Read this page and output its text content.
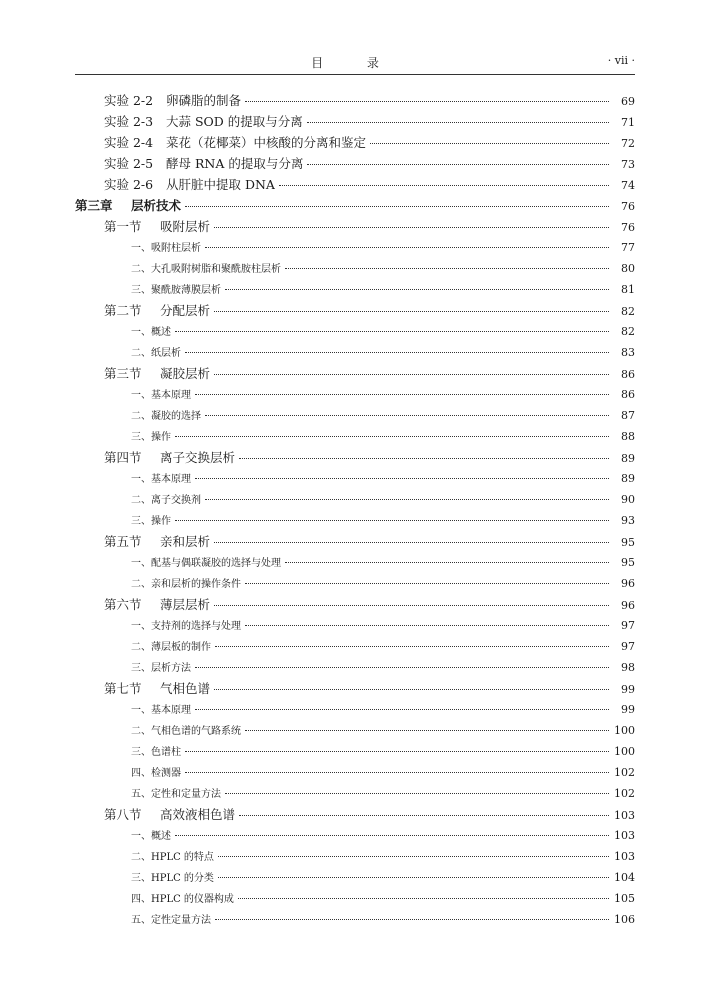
目 录	· vii ·
实验 2-2 卵磷脂的制备	69
实验 2-3 大蒜 SOD 的提取与分离	71
实验 2-4 菜花（花椰菜）中核酸的分离和鉴定	72
实验 2-5 酵母 RNA 的提取与分离	73
实验 2-6 从肝脏中提取 DNA	74
第三章 层析技术	76
第一节 吸附层析	76
一、吸附柱层析	77
二、大孔吸附树脂和聚酰胺柱层析	80
三、聚酰胺薄膜层析	81
第二节 分配层析	82
一、概述	82
二、纸层析	83
第三节 凝胶层析	86
一、基本原理	86
二、凝胶的选择	87
三、操作	88
第四节 离子交换层析	89
一、基本原理	89
二、离子交换剂	90
三、操作	93
第五节 亲和层析	95
一、配基与偶联凝胶的选择与处理	95
二、亲和层析的操作条件	96
第六节 薄层层析	96
一、支持剂的选择与处理	97
二、薄层板的制作	97
三、层析方法	98
第七节 气相色谱	99
一、基本原理	99
二、气相色谱的气路系统	100
三、色谱柱	100
四、检测器	102
五、定性和定量方法	102
第八节 高效液相色谱	103
一、概述	103
二、HPLC 的特点	103
三、HPLC 的分类	104
四、HPLC 的仪器构成	105
五、定性定量方法	106
